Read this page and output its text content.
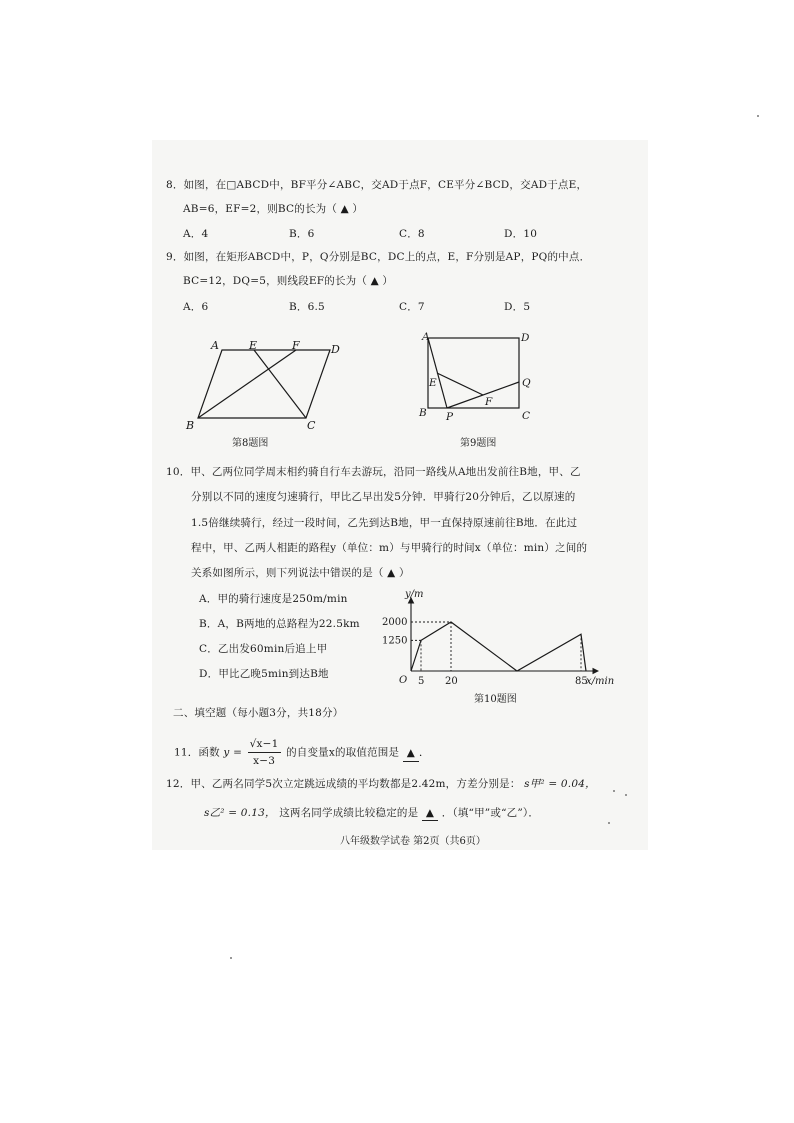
8．如图，在□ABCD中，BF平分∠ABC，交AD于点F，CE平分∠BCD，交AD于点E，
AB=6，EF=2，则BC的长为（ ▲ ）
A．4	B．6	C．8	D．10
9．如图，在矩形ABCD中，P，Q分别是BC，DC上的点，E，F分别是AP，PQ的中点．
BC=12，DQ=5，则线段EF的长为（ ▲ ）
A．6	B．6.5	C．7	D．5
A	E	F	D
B	C
第8题图
A	D
E	Q
F
B P	C
第9题图
10．甲、乙两位同学周末相约骑自行车去游玩，沿同一路线从A地出发前往B地，甲、乙
分别以不同的速度匀速骑行，甲比乙早出发5分钟．甲骑行20分钟后，乙以原速的
1.5倍继续骑行，经过一段时间，乙先到达B地，甲一直保持原速前往B地．在此过
程中，甲、乙两人相距的路程y（单位：m）与甲骑行的时间x（单位：min）之间的
关系如图所示，则下列说法中错误的是（ ▲ ）
A．甲的骑行速度是250m/min
B．A，B两地的总路程为22.5km
C．乙出发60min后追上甲
D．甲比乙晚5min到达B地
5 20	85
1250
2000
O
y/m
x/min
第10题图
二、填空题（每小题3分，共18分）
11．函数 $y = \frac{√x-1}{x-3}$ 的自变量x的取值范围是 ▲ ．
12．甲、乙两名同学5次立定跳远成绩的平均数都是2.42m，方差分别是： s甲² = 0.04，
s乙² = 0.13， 这两名同学成绩比较稳定的是 ▲ ．（填“甲”或“乙”）．
八年级数学试卷 第2页（共6页）
